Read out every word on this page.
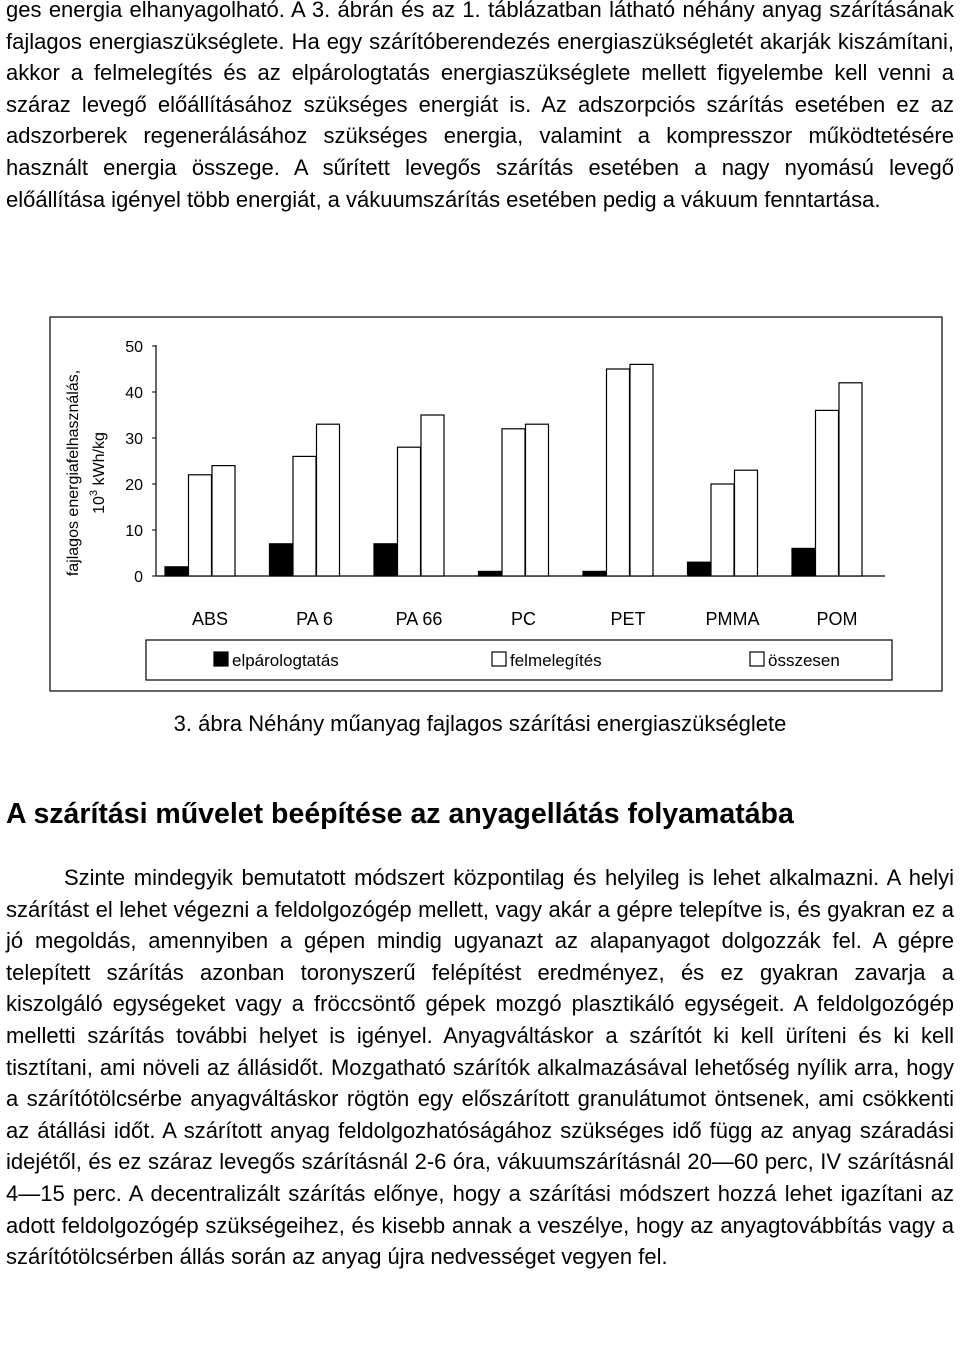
ges energia elhanyagolható. A 3. ábrán és az 1. táblázatban látható néhány anyag szárításának fajlagos energiaszükséglete. Ha egy szárítóberendezés energiaszükségletét akarják kiszámítani, akkor a felmelegítés és az elpárologtatás energiaszükséglete mellett figyelembe kell venni a száraz levegő előállításához szükséges energiát is. Az adszorpciós szárítás esetében ez az adszorberek regenerálásához szükséges energia, valamint a kompresszor működtetésére használt energia összege. A sűrített levegős szárítás esetében a nagy nyomású levegő előállítása igényel több energiát, a vákuumszárítás esetében pedig a vákuum fenntartása.

fajlagos energiafelhasználás, $10^3$ kWh/kg
0
10
20
30
40
50
ABS	PA 6	PA 66	PC	PET	PMMA	POM
elpárologtatás	felmelegítés	összesen
3. ábra Néhány műanyag fajlagos szárítási energiaszükséglete
A szárítási művelet beépítése az anyagellátás folyamatába

Szinte mindegyik bemutatott módszert központilag és helyileg is lehet alkalmazni. A helyi szárítást el lehet végezni a feldolgozógép mellett, vagy akár a gépre telepítve is, és gyakran ez a jó megoldás, amennyiben a gépen mindig ugyanazt az alapanyagot dolgozzák fel. A gépre telepített szárítás azonban toronyszerű felépítést eredményez, és ez gyakran zavarja a kiszolgáló egységeket vagy a fröccsöntő gépek mozgó plasztikáló egységeit. A feldolgozógép melletti szárítás további helyet is igényel. Anyagváltáskor a szárítót ki kell üríteni és ki kell tisztítani, ami növeli az állásidőt. Mozgatható szárítók alkalmazásával lehetőség nyílik arra, hogy a szárítótölcsérbe anyagváltáskor rögtön egy előszárított granulátumot öntsenek, ami csökkenti az átállási időt. A szárított anyag feldolgozhatóságához szükséges idő függ az anyag száradási idejétől, és ez száraz levegős szárításnál 2-6 óra, vákuumszárításnál 20—60 perc, IV szárításnál 4—15 perc. A decentralizált szárítás előnye, hogy a szárítási módszert hozzá lehet igazítani az adott feldolgozógép szükségeihez, és kisebb annak a veszélye, hogy az anyagtovábbítás vagy a szárítótölcsérben állás során az anyag újra nedvességet vegyen fel.
